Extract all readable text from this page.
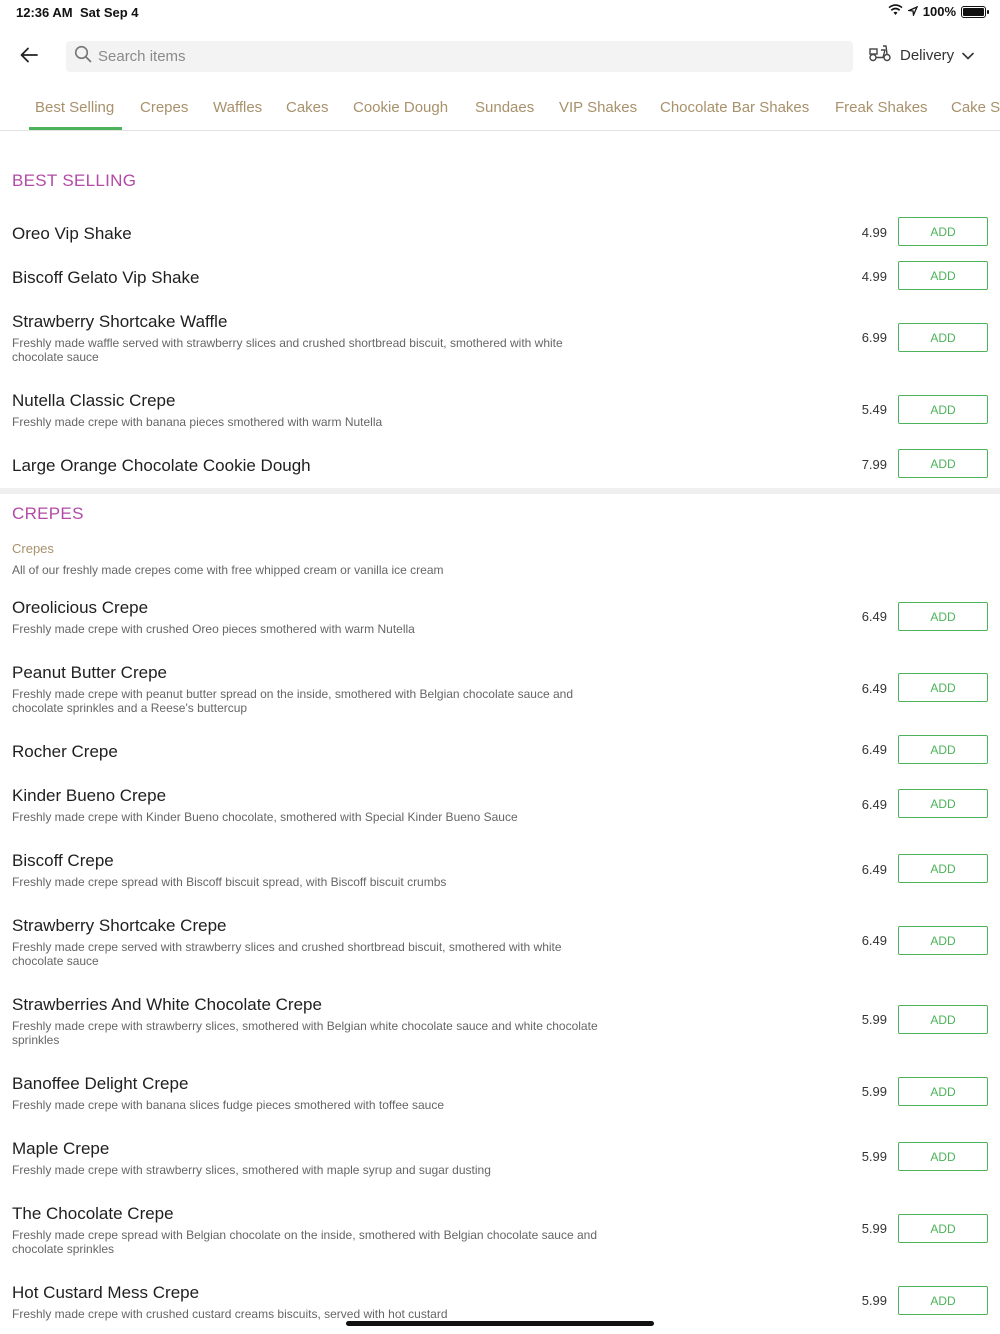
12:36 AM Sat Sep 4	100%
Search items
Delivery
Best Selling Crepes Waffles Cakes Cookie Dough Sundaes VIP Shakes Chocolate Bar Shakes Freak Shakes Cake S
BEST SELLING
Oreo Vip Shake	4.99	ADD
Biscoff Gelato Vip Shake	4.99	ADD
Strawberry Shortcake Waffle
Freshly made waffle served with strawberry slices and crushed shortbread biscuit, smothered with white chocolate sauce
6.99	ADD
Nutella Classic Crepe
Freshly made crepe with banana pieces smothered with warm Nutella
5.49	ADD
Large Orange Chocolate Cookie Dough	7.99	ADD
CREPES
Crepes
All of our freshly made crepes come with free whipped cream or vanilla ice cream
Oreolicious Crepe
Freshly made crepe with crushed Oreo pieces smothered with warm Nutella
6.49	ADD
Peanut Butter Crepe
Freshly made crepe with peanut butter spread on the inside, smothered with Belgian chocolate sauce and chocolate sprinkles and a Reese's buttercup
6.49	ADD
Rocher Crepe	6.49	ADD
Kinder Bueno Crepe
Freshly made crepe with Kinder Bueno chocolate, smothered with Special Kinder Bueno Sauce
6.49	ADD
Biscoff Crepe
Freshly made crepe spread with Biscoff biscuit spread, with Biscoff biscuit crumbs
6.49	ADD
Strawberry Shortcake Crepe
Freshly made crepe served with strawberry slices and crushed shortbread biscuit, smothered with white chocolate sauce
6.49	ADD
Strawberries And White Chocolate Crepe
Freshly made crepe with strawberry slices, smothered with Belgian white chocolate sauce and white chocolate sprinkles
5.99	ADD
Banoffee Delight Crepe
Freshly made crepe with banana slices fudge pieces smothered with toffee sauce
5.99	ADD
Maple Crepe
Freshly made crepe with strawberry slices, smothered with maple syrup and sugar dusting
5.99	ADD
The Chocolate Crepe
Freshly made crepe spread with Belgian chocolate on the inside, smothered with Belgian chocolate sauce and chocolate sprinkles
5.99	ADD
Hot Custard Mess Crepe
Freshly made crepe with crushed custard creams biscuits, served with hot custard
5.99	ADD
